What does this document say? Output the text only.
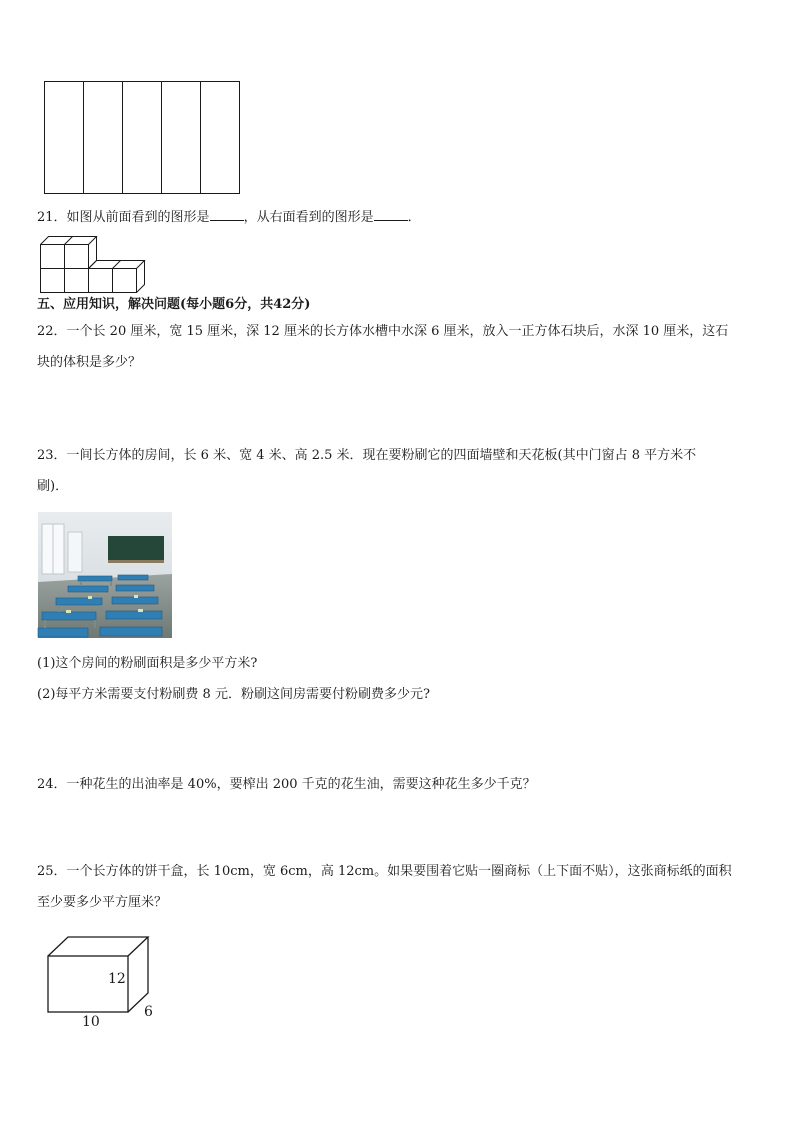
21．如图从前面看到的图形是	，从右面看到的图形是	．
五、应用知识，解决问题(每小题6分，共42分)
22．一个长 20 厘米，宽 15 厘米，深 12 厘米的长方体水槽中水深 6 厘米，放入一正方体石块后，水深 10 厘米，这石
块的体积是多少？
23．一间长方体的房间，长 6 米、宽 4 米、高 2.5 米．现在要粉刷它的四面墙壁和天花板(其中门窗占 8 平方米不
刷)．
(1)这个房间的粉刷面积是多少平方米?
(2)每平方米需要支付粉刷费 8 元．粉刷这间房需要付粉刷费多少元?
24．一种花生的出油率是 40%，要榨出 200 千克的花生油，需要这种花生多少千克？
25．一个长方体的饼干盒，长 10cm，宽 6cm，高 12cm。如果要围着它贴一圈商标（上下面不贴），这张商标纸的面积
至少要多少平方厘米？
12
10
6
